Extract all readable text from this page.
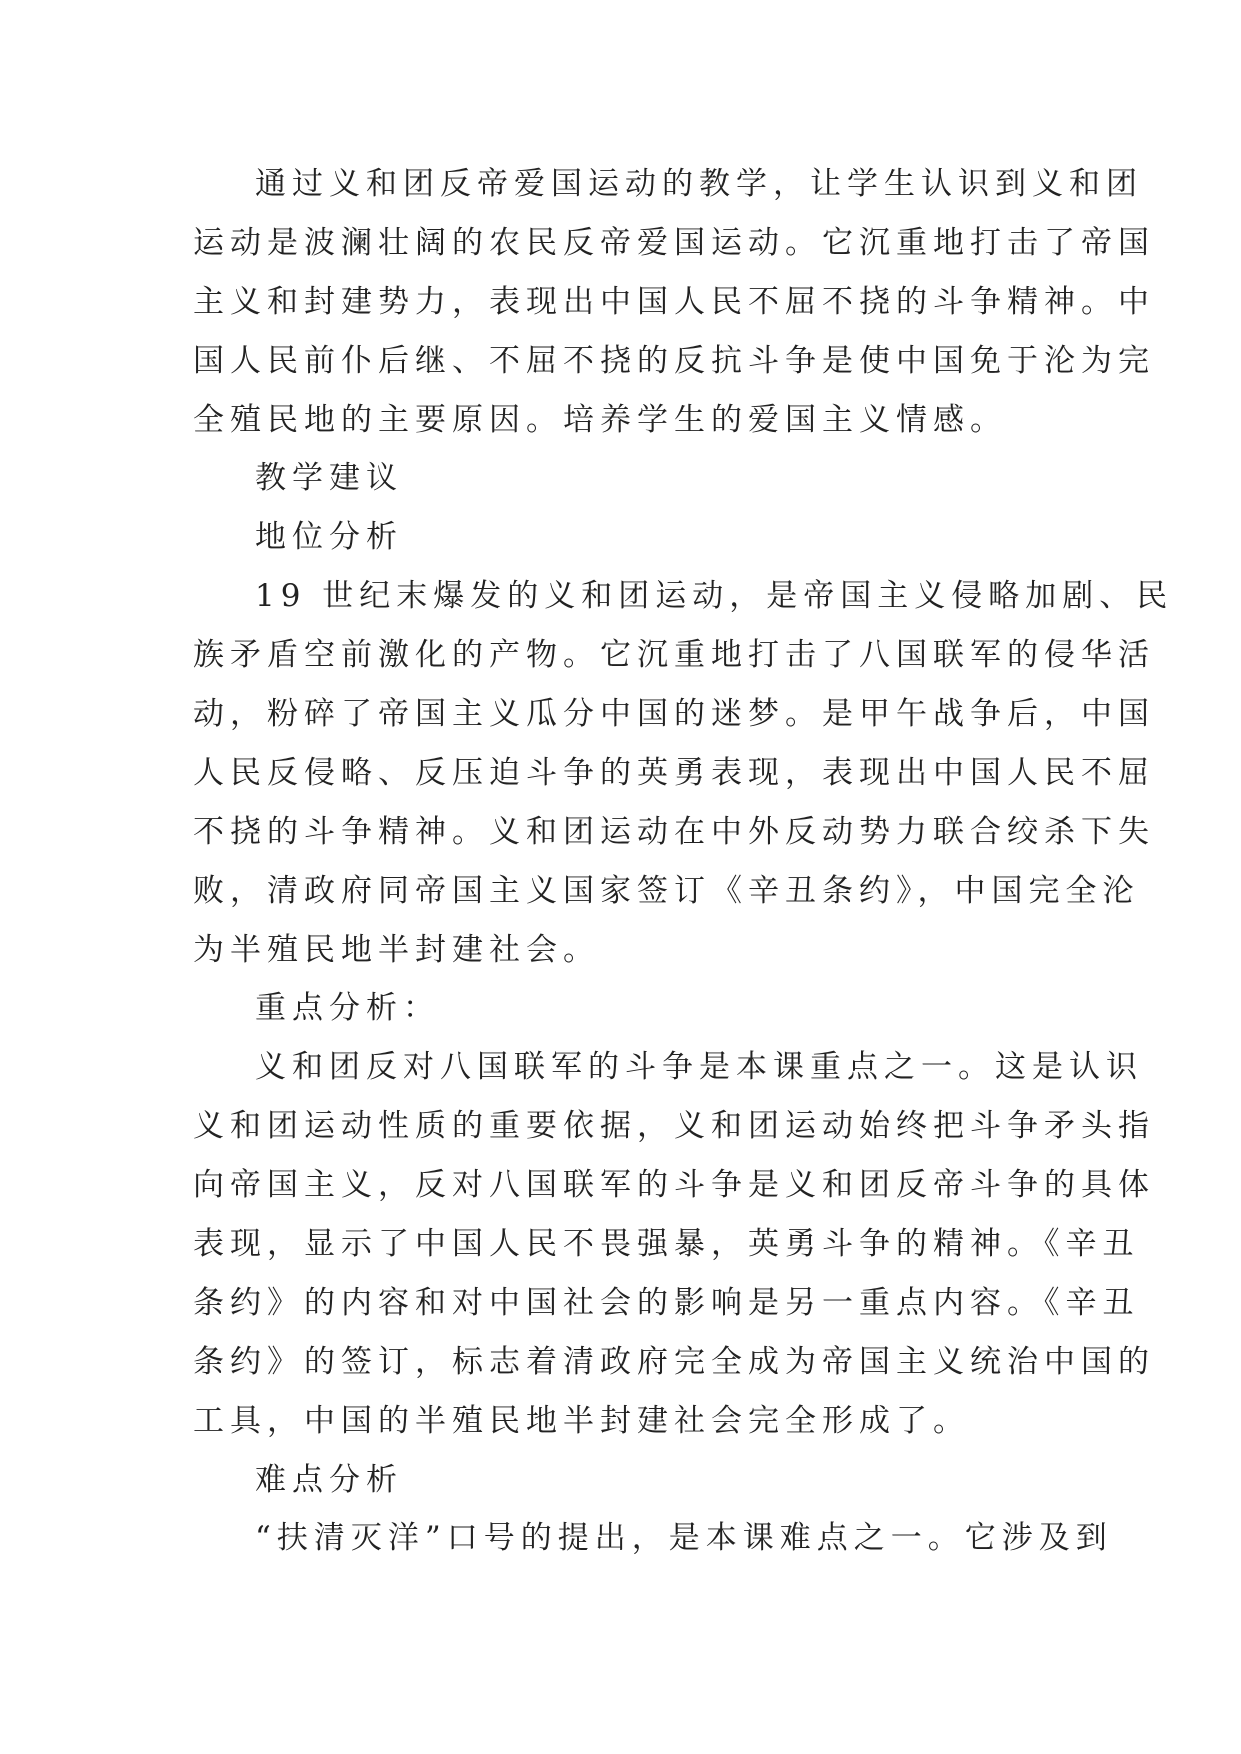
通过义和团反帝爱国运动的教学，让学生认识到义和团
运动是波澜壮阔的农民反帝爱国运动。它沉重地打击了帝国
主义和封建势力，表现出中国人民不屈不挠的斗争精神。中
国人民前仆后继、不屈不挠的反抗斗争是使中国免于沦为完
全殖民地的主要原因。培养学生的爱国主义情感。
教学建议
地位分析
19 世纪末爆发的义和团运动，是帝国主义侵略加剧、民
族矛盾空前激化的产物。它沉重地打击了八国联军的侵华活
动，粉碎了帝国主义瓜分中国的迷梦。是甲午战争后，中国
人民反侵略、反压迫斗争的英勇表现，表现出中国人民不屈
不挠的斗争精神。义和团运动在中外反动势力联合绞杀下失
败，清政府同帝国主义国家签订《辛丑条约》，中国完全沦
为半殖民地半封建社会。
重点分析：
义和团反对八国联军的斗争是本课重点之一。这是认识
义和团运动性质的重要依据，义和团运动始终把斗争矛头指
向帝国主义，反对八国联军的斗争是义和团反帝斗争的具体
表现，显示了中国人民不畏强暴，英勇斗争的精神。《辛丑
条约》的内容和对中国社会的影响是另一重点内容。《辛丑
条约》的签订，标志着清政府完全成为帝国主义统治中国的
工具，中国的半殖民地半封建社会完全形成了。
难点分析
“扶清灭洋”口号的提出，是本课难点之一。它涉及到
